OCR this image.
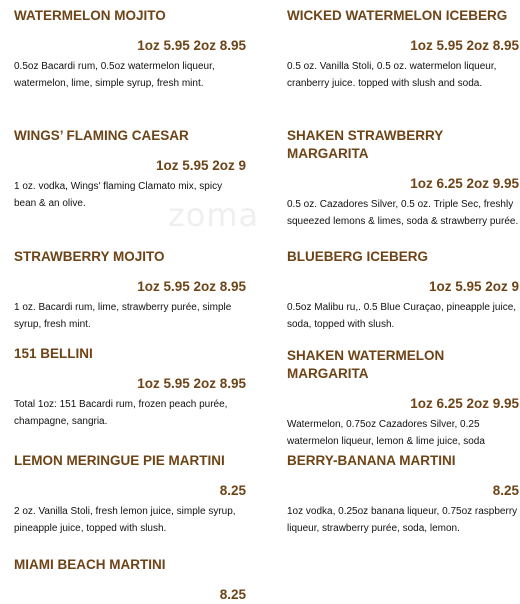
zoma
WATERMELON MOJITO
1oz 5.95 2oz 8.95
0.5oz Bacardi rum, 0.5oz watermelon liqueur, watermelon, lime, simple syrup, fresh mint.
WINGS’ FLAMING CAESAR
1oz 5.95 2oz 9
1 oz. vodka, Wings' flaming Clamato mix, spicy bean & an olive.
STRAWBERRY MOJITO
1oz 5.95 2oz 8.95
1 oz. Bacardi rum, lime, strawberry purée, simple syrup, fresh mint.
151 BELLINI
1oz 5.95 2oz 8.95
Total 1oz: 151 Bacardi rum, frozen peach purée, champagne, sangria.
LEMON MERINGUE PIE MARTINI
8.25
2 oz. Vanilla Stoli, fresh lemon juice, simple syrup, pineapple juice, topped with slush.
MIAMI BEACH MARTINI
8.25
WICKED WATERMELON ICEBERG
1oz 5.95 2oz 8.95
0.5 oz. Vanilla Stoli, 0.5 oz. watermelon liqueur, cranberry juice. topped with slush and soda.
SHAKEN STRAWBERRY MARGARITA
1oz 6.25 2oz 9.95
0.5 oz. Cazadores Silver, 0.5 oz. Triple Sec, freshly squeezed lemons & limes, soda & strawberry purée.
BLUEBERG ICEBERG
1oz 5.95 2oz 9
0.5oz Malibu ru,. 0.5 Blue Curaçao, pineapple juice, soda, topped with slush.
SHAKEN WATERMELON MARGARITA
1oz 6.25 2oz 9.95
Watermelon, 0.75oz Cazadores Silver, 0.25 watermelon liqueur, lemon & lime juice, soda
BERRY-BANANA MARTINI
8.25
1oz vodka, 0.25oz banana liqueur, 0.75oz raspberry liqueur, strawberry purée, soda, lemon.
